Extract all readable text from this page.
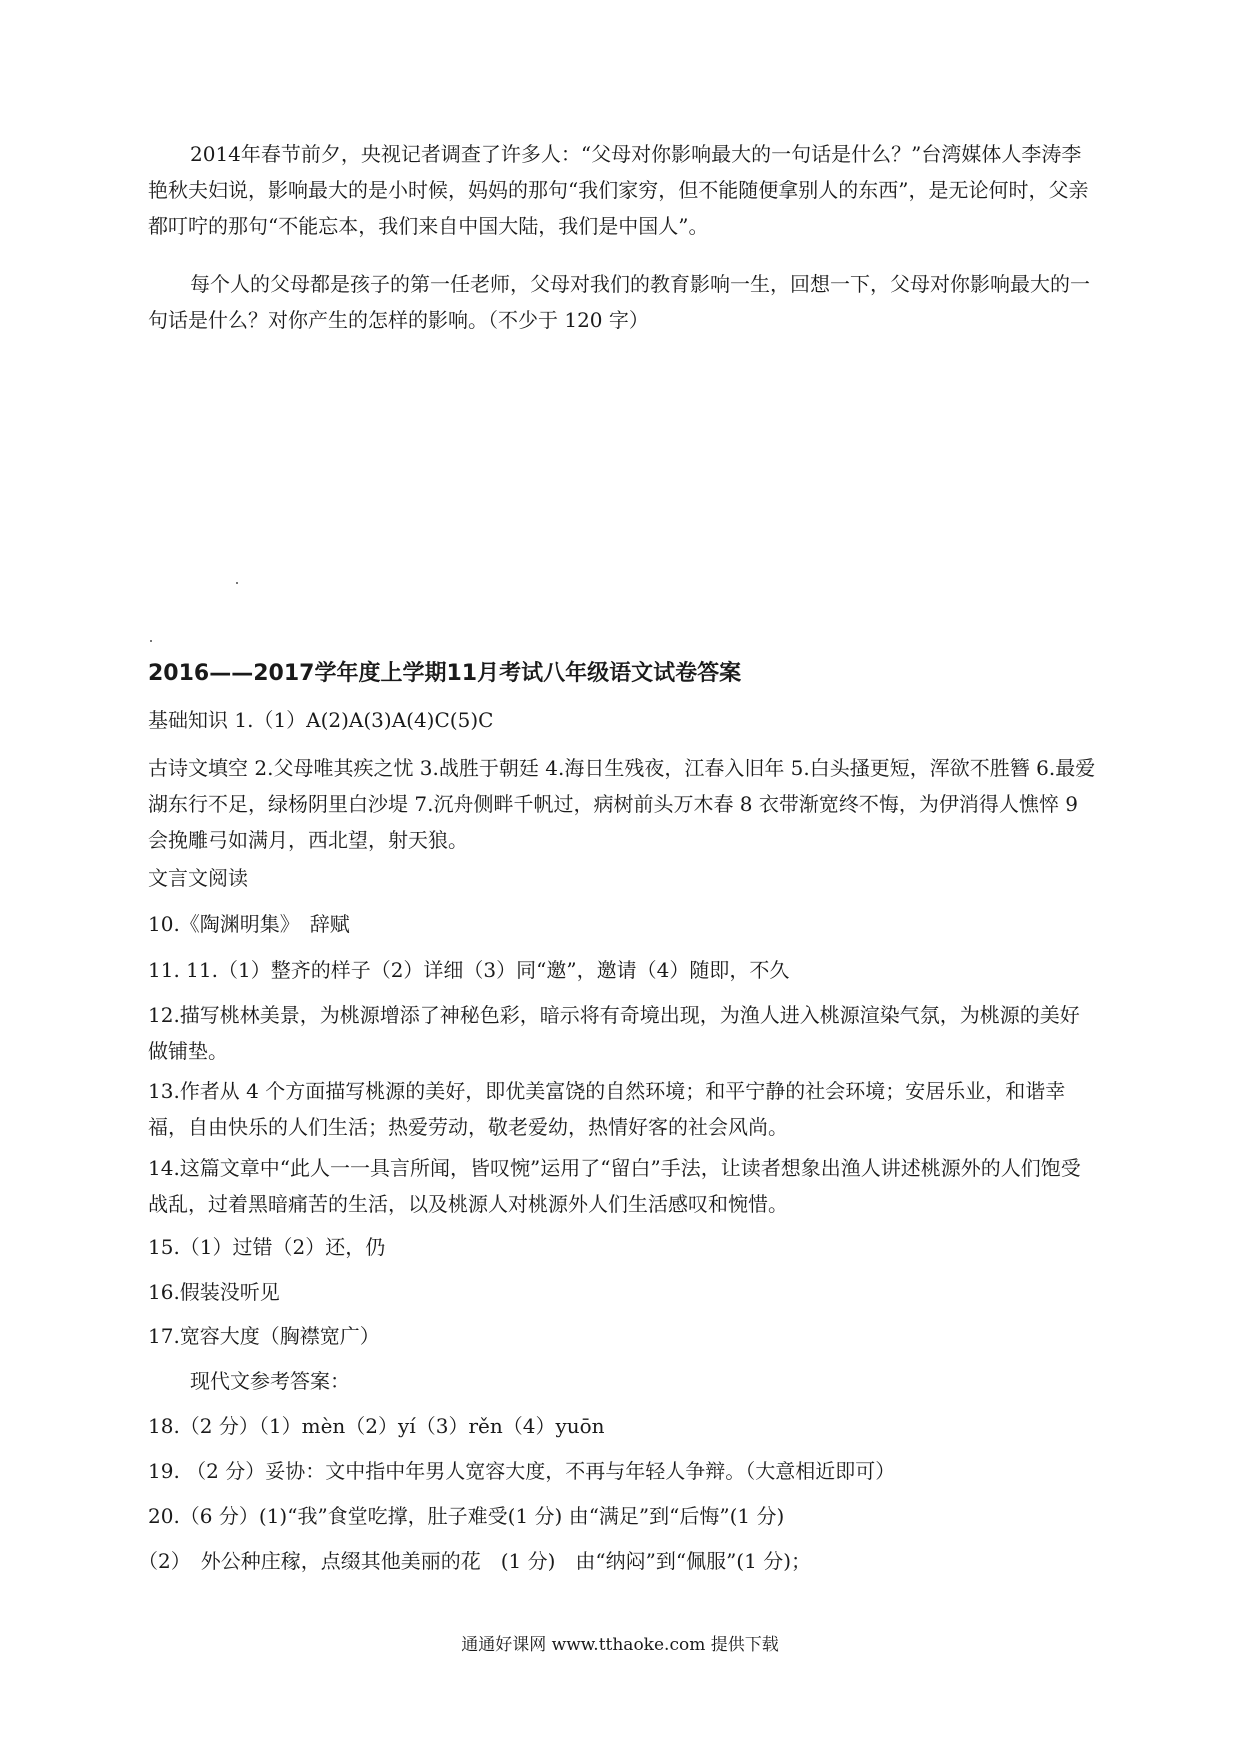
2014年春节前夕，央视记者调查了许多人：“父母对你影响最大的一句话是什么？”台湾媒体人李涛李艳秋夫妇说，影响最大的是小时候，妈妈的那句“我们家穷，但不能随便拿别人的东西”，是无论何时，父亲都叮咛的那句“不能忘本，我们来自中国大陆，我们是中国人”。

每个人的父母都是孩子的第一任老师，父母对我们的教育影响一生，回想一下，父母对你影响最大的一句话是什么？对你产生的怎样的影响。（不少于 120 字）

2016——2017学年度上学期11月考试八年级语文试卷答案

基础知识 1.（1）A(2)A(3)A(4)C(5)C

古诗文填空 2.父母唯其疾之忧 3.战胜于朝廷 4.海日生残夜，江春入旧年 5.白头搔更短，浑欲不胜簪 6.最爱湖东行不足，绿杨阴里白沙堤 7.沉舟侧畔千帆过，病树前头万木春 8 衣带渐宽终不悔，为伊消得人憔悴 9 会挽雕弓如满月，西北望，射天狼。

文言文阅读

10.《陶渊明集》　辞赋

11. 11.（1）整齐的样子（2）详细（3）同“邀”，邀请（4）随即，不久

12.描写桃林美景，为桃源增添了神秘色彩，暗示将有奇境出现，为渔人进入桃源渲染气氛，为桃源的美好做铺垫。

13.作者从 4 个方面描写桃源的美好，即优美富饶的自然环境；和平宁静的社会环境；安居乐业，和谐幸福，自由快乐的人们生活；热爱劳动，敬老爱幼，热情好客的社会风尚。

14.这篇文章中“此人一一具言所闻，皆叹惋”运用了“留白”手法，让读者想象出渔人讲述桃源外的人们饱受战乱，过着黑暗痛苦的生活，以及桃源人对桃源外人们生活感叹和惋惜。

15.（1）过错（2）还，仍

16.假装没听见

17.宽容大度（胸襟宽广）

现代文参考答案：

18.（2 分）（1）mèn（2）yí（3）rěn（4）yuōn

19. （2 分）妥协：文中指中年男人宽容大度，不再与年轻人争辩。（大意相近即可）

20.（6 分）(1)“我”食堂吃撑，肚子难受(1 分) 由“满足”到“后悔”(1 分)

（2）　外公种庄稼，点缀其他美丽的花　(1 分)　由“纳闷”到“佩服”(1 分)；

通通好课网 www.tthaoke.com 提供下载
